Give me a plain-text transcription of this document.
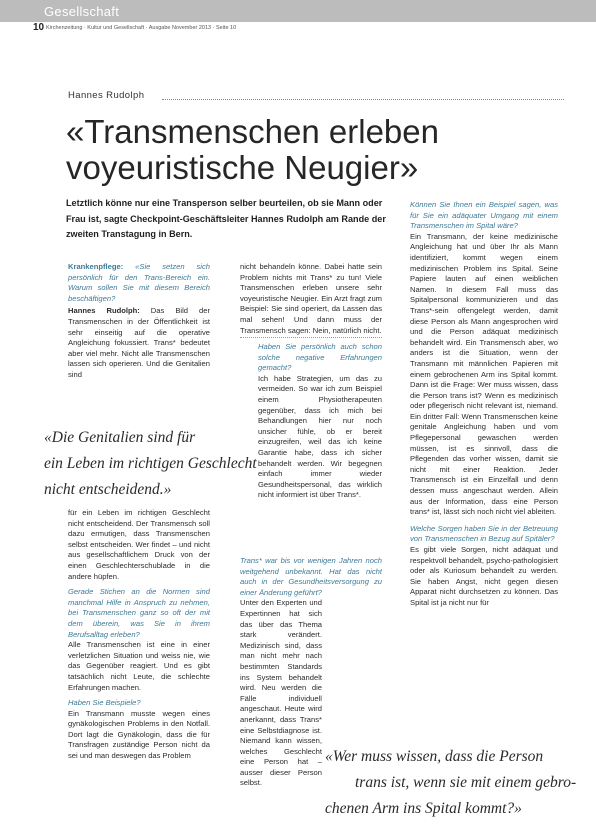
Gesellschaft
10 Kirchenzeitung · Kultur und Gesellschaft · Ausgabe November 2013 · Seite 10
Hannes Rudolph
«Transmenschen erleben
voyeuristische Neugier»
Letztlich könne nur eine Transperson selber beurteilen, ob sie Mann oder Frau ist, sagte Checkpoint-Geschäftsleiter Hannes Rudolph am Rande der zweiten Transtagung in Bern.
Krankenpflege: «Sie setzen sich persönlich für den Trans-Bereich ein. Warum sollen Sie mit diesem Bereich beschäftigen?
Hannes Rudolph: Das Bild der Transmenschen in der Öffentlichkeit ist sehr einseitig auf die operative Angleichung fokussiert. Trans* bedeutet aber viel mehr. Nicht alle Transmenschen lassen sich operieren. Und die Genitalien sind
«Die Genitalien sind für
ein Leben im richtigen Geschlecht
nicht entscheidend.»
für ein Leben im richtigen Geschlecht nicht entscheidend. Der Transmensch soll dazu ermutigen, dass Transmenschen selbst entscheiden. Wer findet – und nicht aus gesellschaftlichem Druck von der einen Geschlechterschublade in die andere hüpfen.
Gerade Stichen an die Normen sind manchmal Hilfe in Anspruch zu nehmen, bei Transmenschen ganz so oft der mit dem überein, was Sie in ihrem Berufsalltag erleben?
Alle Transmenschen ist eine in einer verletzlichen Situation und weiss nie, wie das Gegenüber reagiert. Und es gibt tatsächlich nicht Leute, die schlechte Erfahrungen machen.
Haben Sie Beispiele?
Ein Transmann musste wegen eines gynäkologischen Problems in den Notfall. Dort lagt die Gynäkologin, dass die für Transfragen zuständige Person nicht da sei und man deswegen das Problem
nicht behandeln könne. Dabei hatte sein Problem nichts mit Trans* zu tun! Viele Transmenschen erleben unsere sehr voyeuristische Neugier. Ein Arzt fragt zum Beispiel: Sie sind operiert, da Lassen das mal sehen! Und dann muss der Transmensch sagen: Nein, natürlich nicht.
Haben Sie persönlich auch schon solche negative Erfahrungen gemacht?
Ich habe Strategien, um das zu vermeiden. So war ich zum Beispiel einem Physiotherapeuten gegenüber, dass ich mich bei Behandlungen hier nur noch unsicher fühle, ob er bereit einzugreifen, weil das ich keine Garantie habe, dass ich sicher behandelt werden. Wir begegnen einfach immer wieder Gesundheitspersonal, das wirklich nicht informiert ist über Trans*.
Trans* war bis vor wenigen Jahren noch weitgehend unbekannt. Hat das nicht auch in der Gesundheitsversorgung zu einer Änderung geführt?
Unter den Experten und Expertinnen hat sich das über das Thema stark verändert. Medizinisch sind, dass man nicht mehr nach bestimmten Standards ins System behandelt wird. Neu werden die Fälle individuell angeschaut. Heute wird anerkannt, dass Trans* eine Selbstdiagnose ist. Niemand kann wissen, welches Geschlecht eine Person hat – ausser dieser Person selbst.
Können Sie Ihnen ein Beispiel sagen, was für Sie ein adäquater Umgang mit einem Transmenschen im Spital wäre?
Ein Transmann, der keine medizinische Angleichung hat und über Ihr als Mann identifiziert, kommt wegen einem medizinischen Problem ins Spital. Seine Papiere lauten auf einen weiblichen Namen. In diesem Fall muss das Spitalpersonal kommunizieren und das Trans*-sein offengelegt werden, damit diese Person als Mann angesprochen wird und die Person adäquat medizinisch behandelt wird. Ein Transmensch aber, wo anders ist die Situation, wenn der Transmann mit männlichen Papieren mit einem gebrochenen Arm ins Spital kommt. Dann ist die Frage: Wer muss wissen, dass die Person trans ist? Wenn es medizinisch oder pflegerisch nicht relevant ist, niemand. Ein dritter Fall: Wenn Transmenschen keine genitale Angleichung haben und vom Pflegepersonal gewaschen werden müssen, ist es sinnvoll, dass die Pflegenden das vorher wissen, damit sie nicht mit einer Reaktion. Jeder Transmensch ist ein Einzelfall und denn dessen muss angeschaut werden. Allein aus der Information, dass eine Person trans* ist, lässt sich noch nicht viel ableiten.
Welche Sorgen haben Sie in der Betreuung von Transmenschen in Bezug auf Spitäler?
Es gibt viele Sorgen, nicht adäquat und respektvoll behandelt, psycho-pathologisiert oder als Kuriosum behandelt zu werden. Sie haben Angst, nicht gegen diesen Apparat nicht durchsetzen zu können. Das Spital ist ja nicht nur für
«Wer muss wissen, dass die Person
trans ist, wenn sie mit einem gebro-
chenen Arm ins Spital kommt?»
